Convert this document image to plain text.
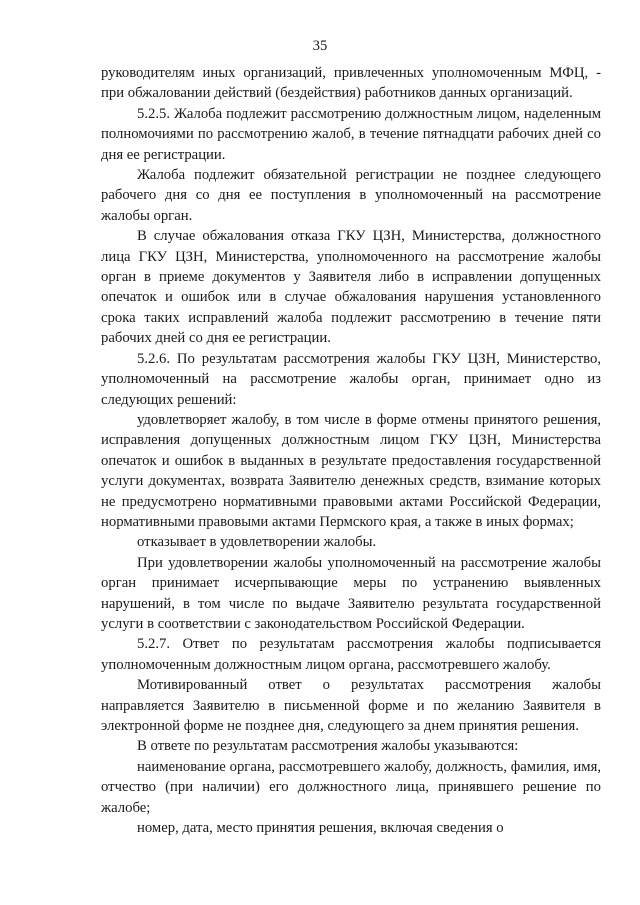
35

руководителям иных организаций, привлеченных уполномоченным МФЦ, - при обжаловании действий (бездействия) работников данных организаций.

5.2.5. Жалоба подлежит рассмотрению должностным лицом, наделенным полномочиями по рассмотрению жалоб, в течение пятнадцати рабочих дней со дня ее регистрации.

Жалоба подлежит обязательной регистрации не позднее следующего рабочего дня со дня ее поступления в уполномоченный на рассмотрение жалобы орган.

В случае обжалования отказа ГКУ ЦЗН, Министерства, должностного лица ГКУ ЦЗН, Министерства, уполномоченного на рассмотрение жалобы орган в приеме документов у Заявителя либо в исправлении допущенных опечаток и ошибок или в случае обжалования нарушения установленного срока таких исправлений жалоба подлежит рассмотрению в течение пяти рабочих дней со дня ее регистрации.

5.2.6. По результатам рассмотрения жалобы ГКУ ЦЗН, Министерство, уполномоченный на рассмотрение жалобы орган, принимает одно из следующих решений:

удовлетворяет жалобу, в том числе в форме отмены принятого решения, исправления допущенных должностным лицом ГКУ ЦЗН, Министерства опечаток и ошибок в выданных в результате предоставления государственной услуги документах, возврата Заявителю денежных средств, взимание которых не предусмотрено нормативными правовыми актами Российской Федерации, нормативными правовыми актами Пермского края, а также в иных формах;

отказывает в удовлетворении жалобы.

При удовлетворении жалобы уполномоченный на рассмотрение жалобы орган принимает исчерпывающие меры по устранению выявленных нарушений, в том числе по выдаче Заявителю результата государственной услуги в соответствии с законодательством Российской Федерации.

5.2.7. Ответ по результатам рассмотрения жалобы подписывается уполномоченным должностным лицом органа, рассмотревшего жалобу.

Мотивированный ответ о результатах рассмотрения жалобы направляется Заявителю в письменной форме и по желанию Заявителя в электронной форме не позднее дня, следующего за днем принятия решения.

В ответе по результатам рассмотрения жалобы указываются:

наименование органа, рассмотревшего жалобу, должность, фамилия, имя, отчество (при наличии) его должностного лица, принявшего решение по жалобе;

номер, дата, место принятия решения, включая сведения о
